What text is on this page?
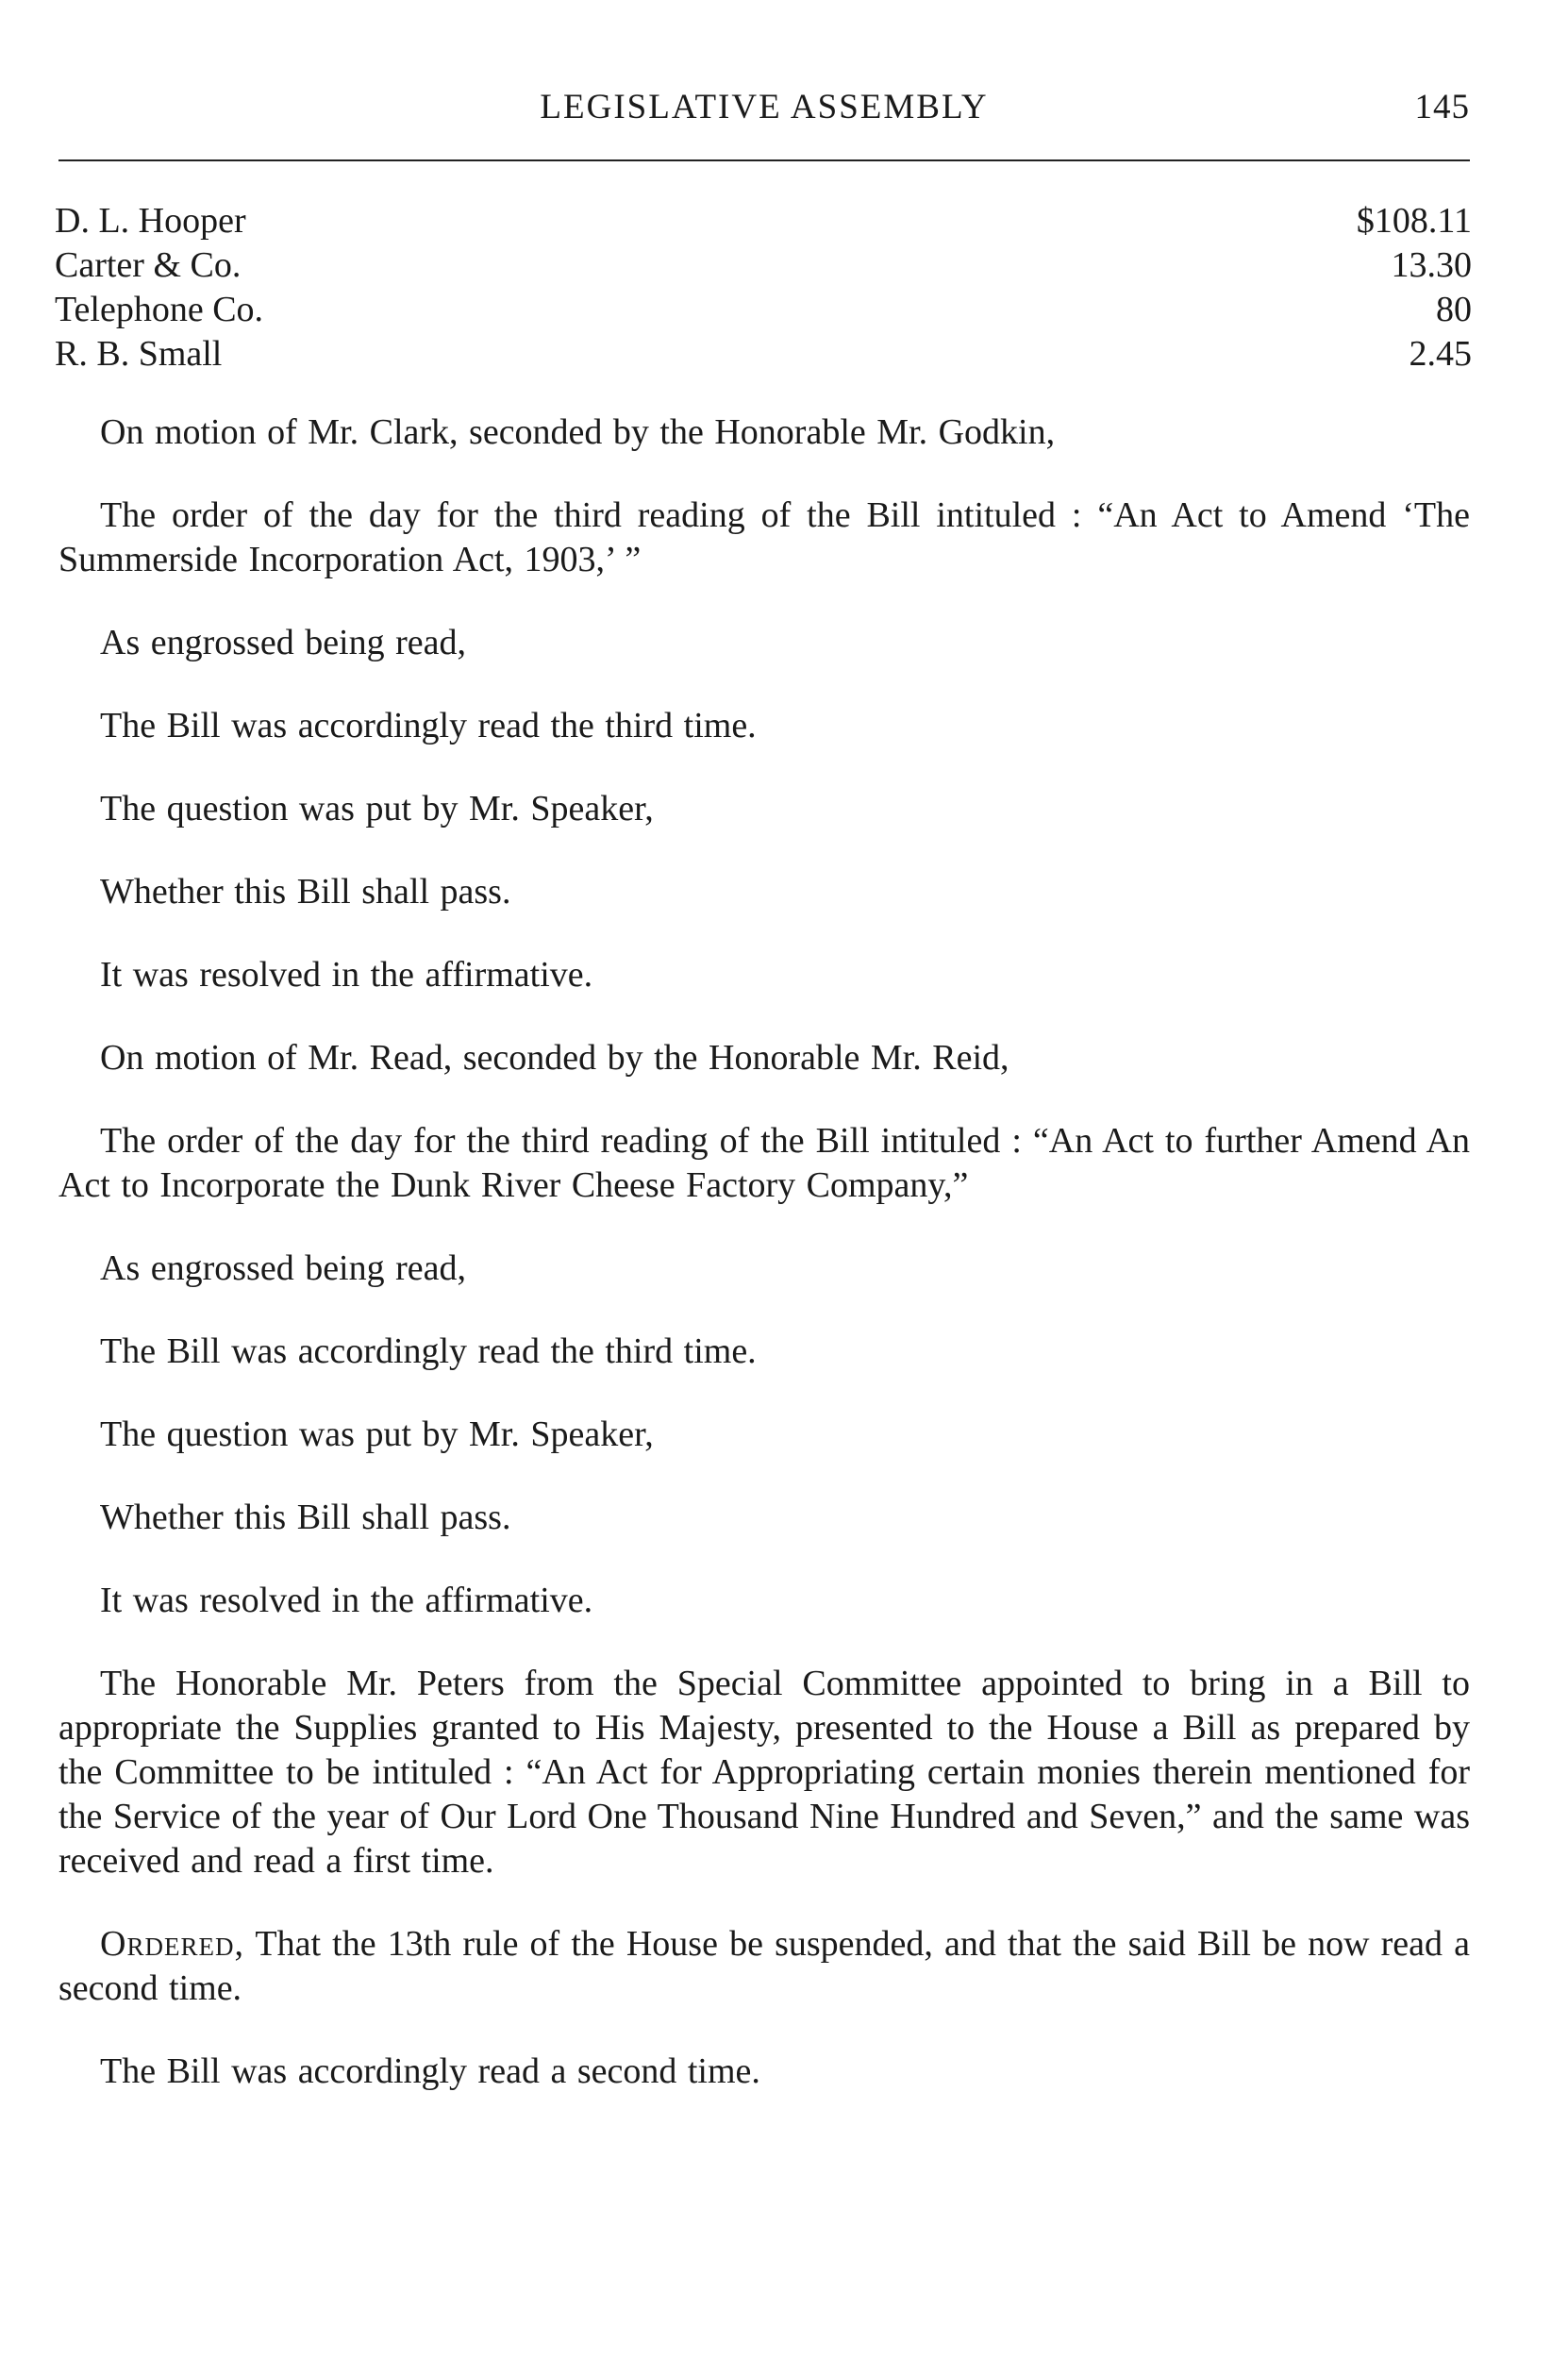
LEGISLATIVE ASSEMBLY	145
D. L. Hooper	$108.11
Carter & Co.	13.30
Telephone Co.	80
R. B. Small	2.45

On motion of Mr. Clark, seconded by the Honorable Mr. Godkin,

The order of the day for the third reading of the Bill intituled : “An Act to Amend ‘The Summerside Incorporation Act, 1903,’ ”

As engrossed being read,

The Bill was accordingly read the third time.

The question was put by Mr. Speaker,

Whether this Bill shall pass.

It was resolved in the affirmative.

On motion of Mr. Read, seconded by the Honorable Mr. Reid,

The order of the day for the third reading of the Bill intituled : “An Act to further Amend An Act to Incorporate the Dunk River Cheese Factory Company,”

As engrossed being read,

The Bill was accordingly read the third time.

The question was put by Mr. Speaker,

Whether this Bill shall pass.

It was resolved in the affirmative.

The Honorable Mr. Peters from the Special Committee appointed to bring in a Bill to appropriate the Supplies granted to His Majesty, presented to the House a Bill as prepared by the Committee to be intituled : “An Act for Appropriating certain monies therein mentioned for the Service of the year of Our Lord One Thousand Nine Hundred and Seven,” and the same was received and read a first time.

Ordered, That the 13th rule of the House be suspended, and that the said Bill be now read a second time.

The Bill was accordingly read a second time.
